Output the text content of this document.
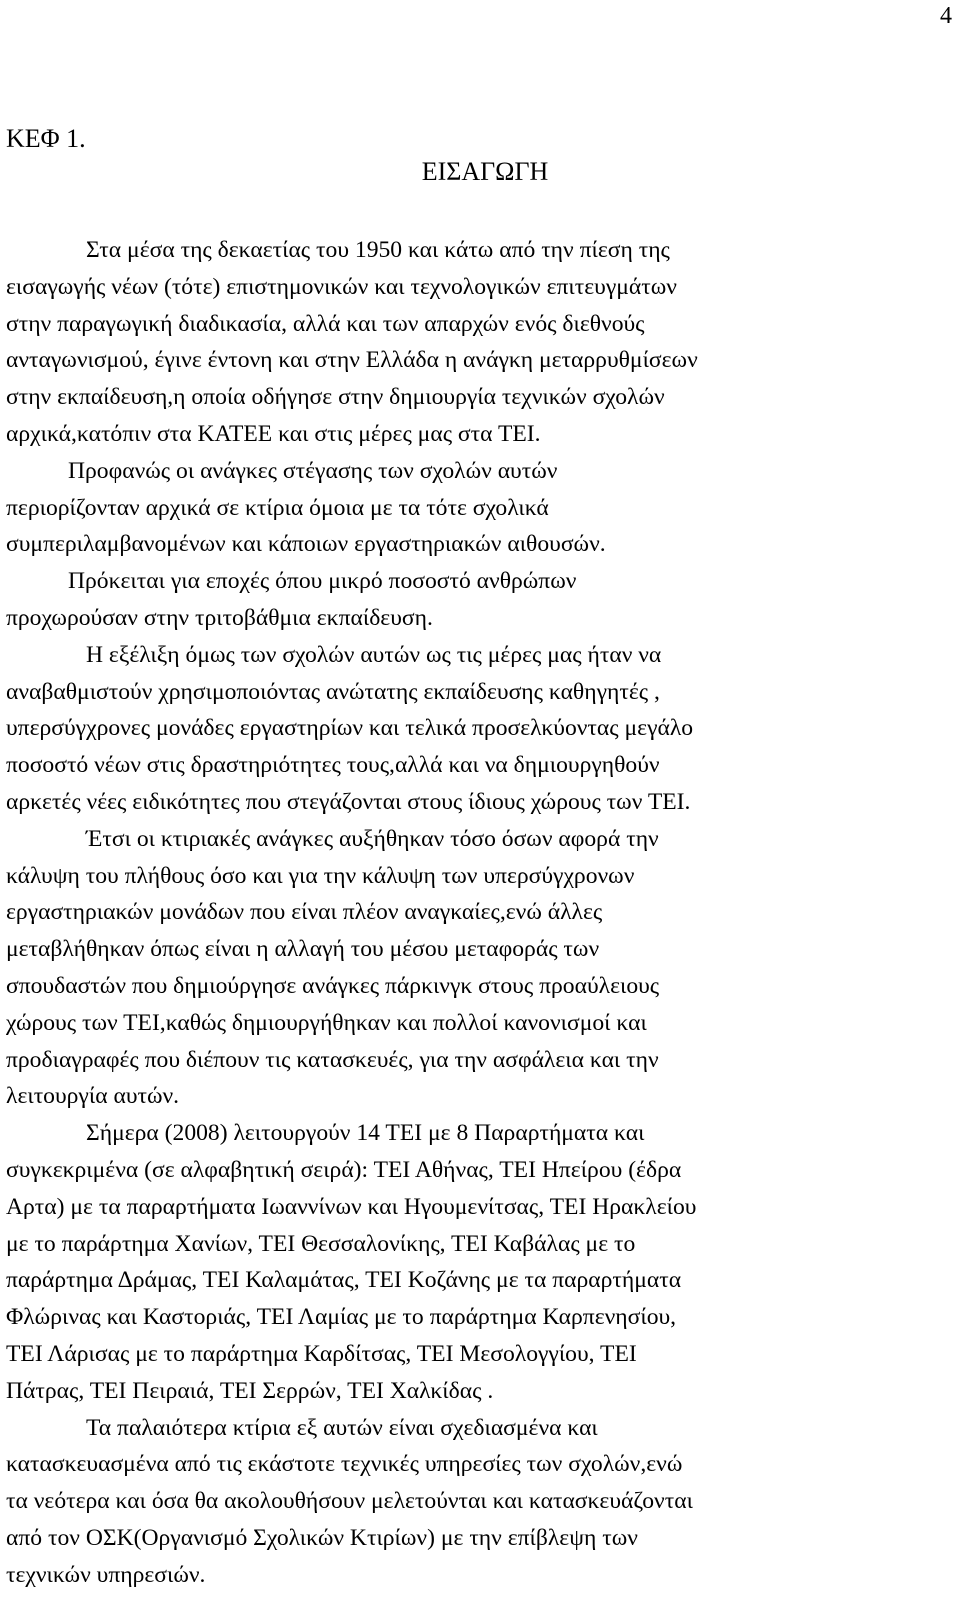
4
ΚΕΦ 1.
ΕΙΣΑΓΩΓΗ
Στα μέσα της δεκαετίας του 1950 και κάτω από την πίεση της
εισαγωγής νέων (τότε) επιστημονικών και τεχνολογικών επιτευγμάτων
στην παραγωγική διαδικασία, αλλά και των απαρχών ενός διεθνούς
ανταγωνισμού, έγινε έντονη και στην Ελλάδα η ανάγκη μεταρρυθμίσεων
στην εκπαίδευση,η οποία οδήγησε στην δημιουργία τεχνικών σχολών
αρχικά,κατόπιν στα ΚΑΤΕΕ και στις μέρες μας στα ΤΕΙ.
Προφανώς οι ανάγκες στέγασης των σχολών αυτών
περιορίζονταν αρχικά σε κτίρια όμοια με τα τότε σχολικά
συμπεριλαμβανομένων και κάποιων εργαστηριακών αιθουσών.
Πρόκειται για εποχές όπου μικρό ποσοστό ανθρώπων
προχωρούσαν στην τριτοβάθμια εκπαίδευση.
Η εξέλιξη όμως των σχολών αυτών ως τις μέρες μας ήταν να
αναβαθμιστούν χρησιμοποιόντας ανώτατης εκπαίδευσης καθηγητές ,
υπερσύγχρονες μονάδες εργαστηρίων και τελικά προσελκύοντας μεγάλο
ποσοστό νέων στις δραστηριότητες τους,αλλά και να δημιουργηθούν
αρκετές νέες ειδικότητες που στεγάζονται στους ίδιους χώρους των ΤΕΙ.
Έτσι οι κτιριακές ανάγκες αυξήθηκαν τόσο όσων αφορά την
κάλυψη του πλήθους όσο και για την κάλυψη των υπερσύγχρονων
εργαστηριακών μονάδων που είναι πλέον αναγκαίες,ενώ άλλες
μεταβλήθηκαν όπως είναι η αλλαγή του μέσου μεταφοράς των
σπουδαστών που δημιούργησε ανάγκες πάρκινγκ στους προαύλειους
χώρους των ΤΕΙ,καθώς δημιουργήθηκαν και πολλοί κανονισμοί και
προδιαγραφές που διέπουν τις κατασκευές, για την ασφάλεια και την
λειτουργία αυτών.
Σήμερα (2008) λειτουργούν 14 ΤΕΙ με 8 Παραρτήματα και
συγκεκριμένα (σε αλφαβητική σειρά): ΤΕΙ Αθήνας, ΤΕΙ Ηπείρου (έδρα
Αρτα) με τα παραρτήματα Ιωαννίνων και Ηγουμενίτσας, ΤΕΙ Ηρακλείου
με το παράρτημα Χανίων, ΤΕΙ Θεσσαλονίκης, ΤΕΙ Καβάλας με το
παράρτημα Δράμας, ΤΕΙ Καλαμάτας, ΤΕΙ Κοζάνης με τα παραρτήματα
Φλώρινας και Καστοριάς, ΤΕΙ Λαμίας με το παράρτημα Καρπενησίου,
ΤΕΙ Λάρισας με το παράρτημα Καρδίτσας, ΤΕΙ Μεσολογγίου, ΤΕΙ
Πάτρας, ΤΕΙ Πειραιά, ΤΕΙ Σερρών, ΤΕΙ Χαλκίδας .
Τα παλαιότερα κτίρια εξ αυτών είναι σχεδιασμένα και
κατασκευασμένα από τις εκάστοτε τεχνικές υπηρεσίες των σχολών,ενώ
τα νεότερα και όσα θα ακολουθήσουν μελετούνται και κατασκευάζονται
από τον ΟΣΚ(Οργανισμό Σχολικών Κτιρίων) με την επίβλεψη των
τεχνικών υπηρεσιών.
